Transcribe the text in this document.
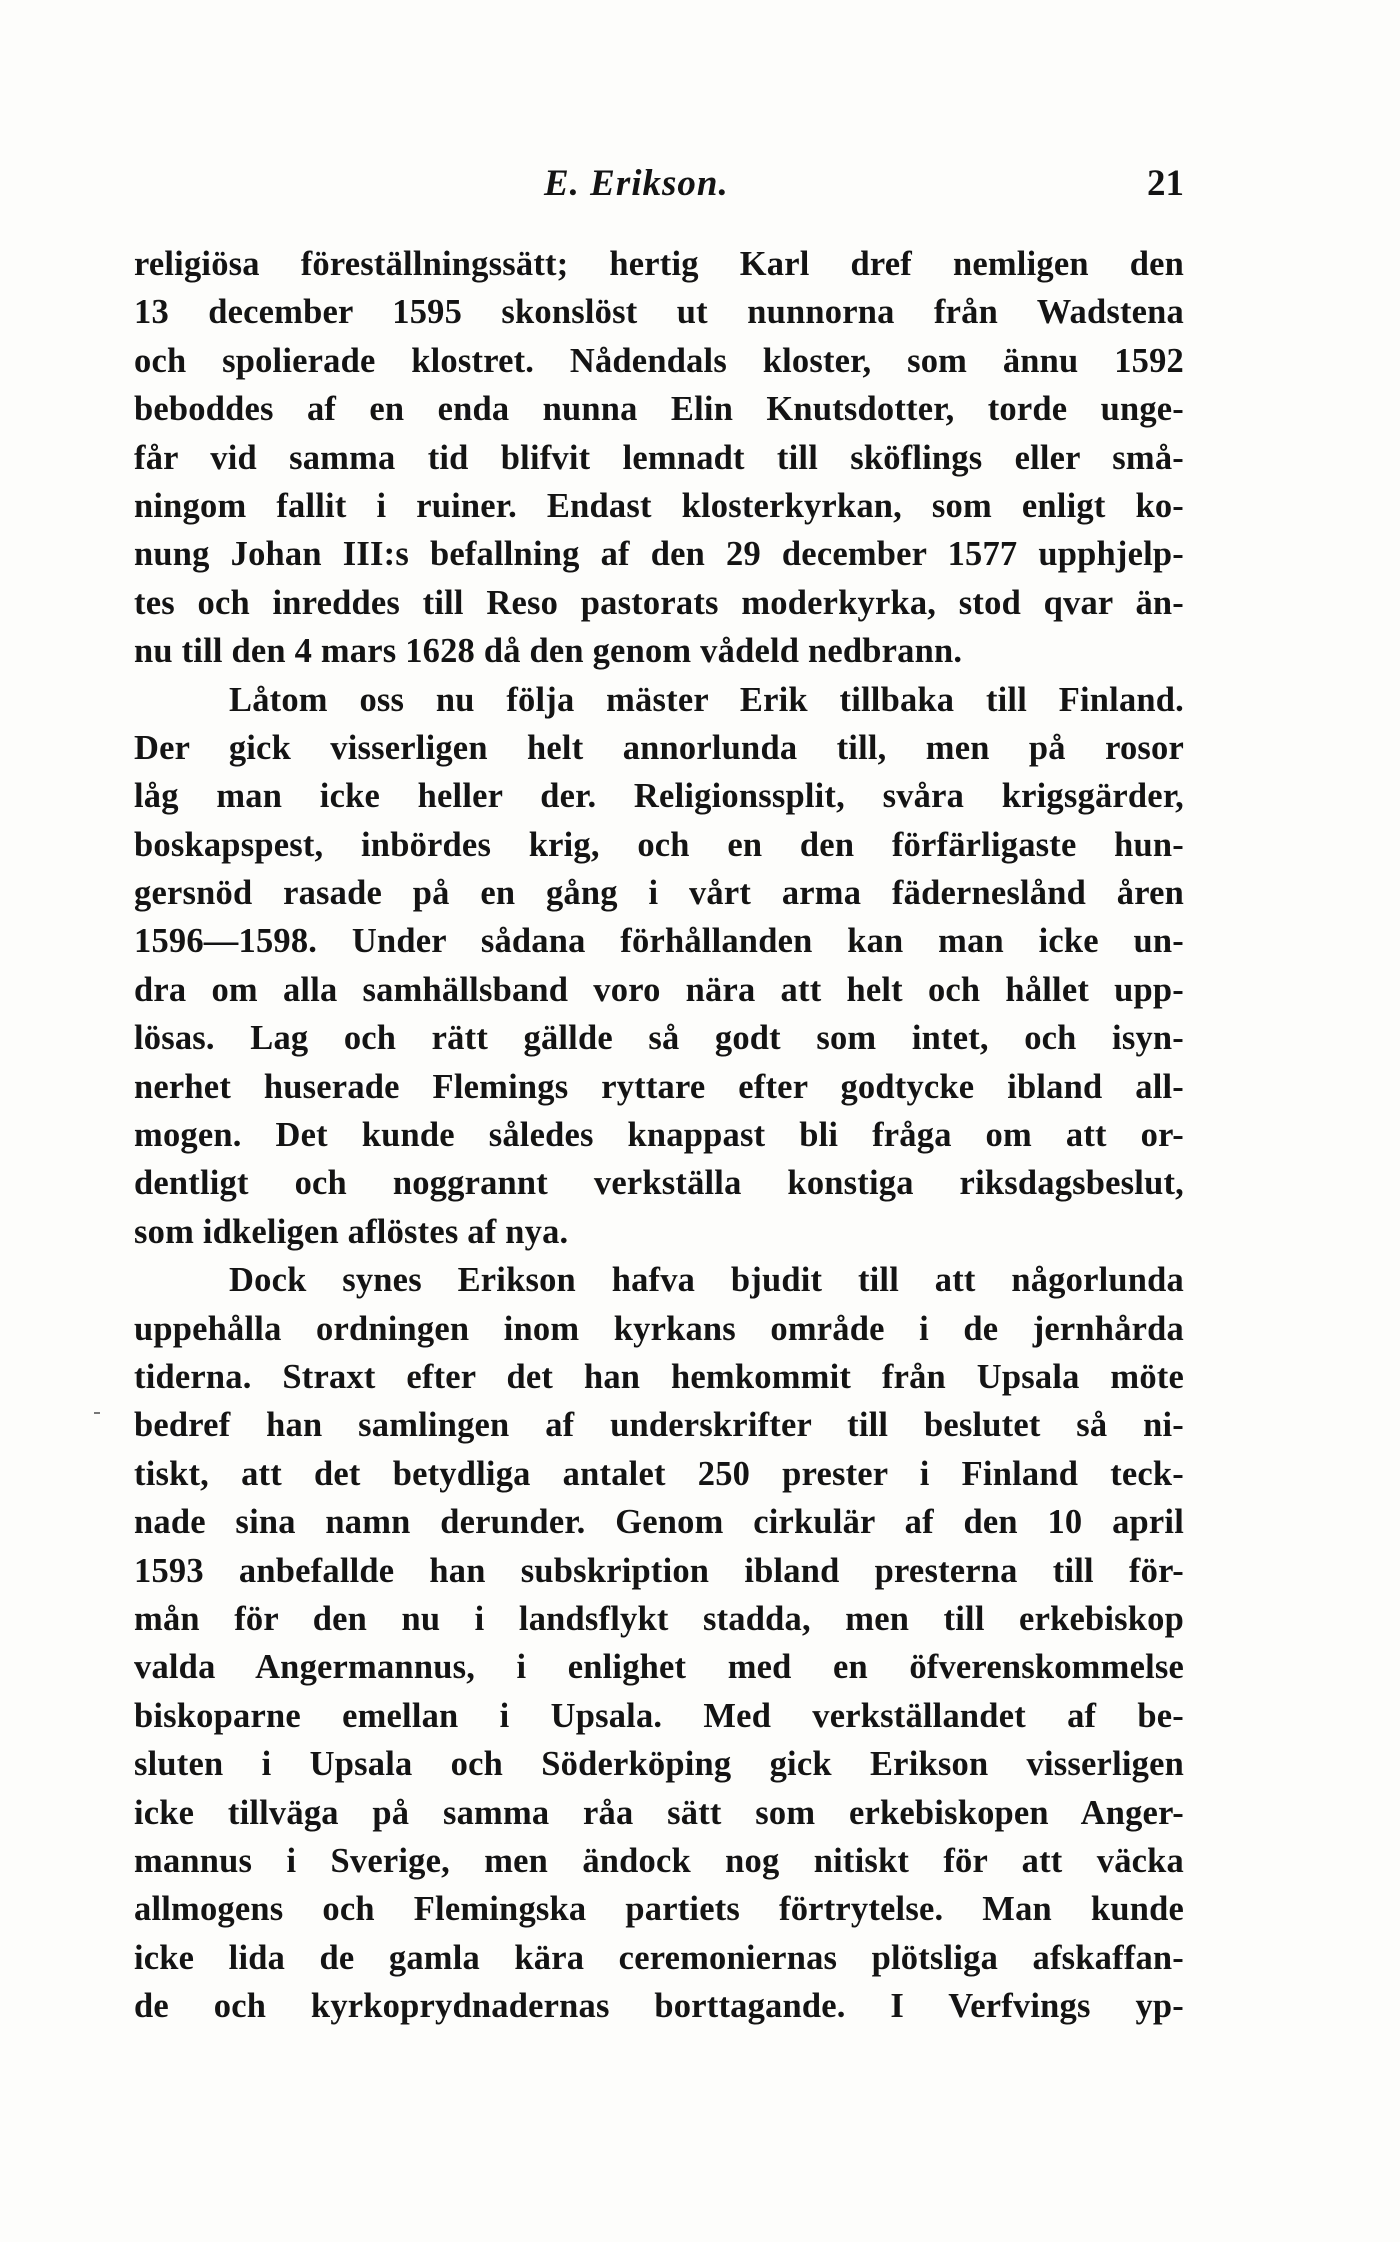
E. Erikson.	21
religiösa föreställningssätt; hertig Karl dref nemligen den
13 december 1595 skonslöst ut nunnorna från Wadstena
och spolierade klostret. Nådendals kloster, som ännu 1592
beboddes af en enda nunna Elin Knutsdotter, torde unge-
får vid samma tid blifvit lemnadt till sköflings eller små-
ningom fallit i ruiner. Endast klosterkyrkan, som enligt ko-
nung Johan III:s befallning af den 29 december 1577 upphjelp-
tes och inreddes till Reso pastorats moderkyrka, stod qvar än-
nu till den 4 mars 1628 då den genom vådeld nedbrann.
Låtom oss nu följa mäster Erik tillbaka till Finland.
Der gick visserligen helt annorlunda till, men på rosor
låg man icke heller der. Religionssplit, svåra krigsgärder,
boskapspest, inbördes krig, och en den förfärligaste hun-
gersnöd rasade på en gång i vårt arma fäderneslånd åren
1596—1598. Under sådana förhållanden kan man icke un-
dra om alla samhällsband voro nära att helt och hållet upp-
lösas. Lag och rätt gällde så godt som intet, och isyn-
nerhet huserade Flemings ryttare efter godtycke ibland all-
mogen. Det kunde således knappast bli fråga om att or-
dentligt och noggrannt verkställa konstiga riksdagsbeslut,
som idkeligen aflöstes af nya.
Dock synes Erikson hafva bjudit till att någorlunda
uppehålla ordningen inom kyrkans område i de jernhårda
tiderna. Straxt efter det han hemkommit från Upsala möte
bedref han samlingen af underskrifter till beslutet så ni-
tiskt, att det betydliga antalet 250 prester i Finland teck-
nade sina namn derunder. Genom cirkulär af den 10 april
1593 anbefallde han subskription ibland presterna till för-
mån för den nu i landsflykt stadda, men till erkebiskop
valda Angermannus, i enlighet med en öfverenskommelse
biskoparne emellan i Upsala. Med verkställandet af be-
sluten i Upsala och Söderköping gick Erikson visserligen
icke tillväga på samma råa sätt som erkebiskopen Anger-
mannus i Sverige, men ändock nog nitiskt för att väcka
allmogens och Flemingska partiets förtrytelse. Man kunde
icke lida de gamla kära ceremoniernas plötsliga afskaffan-
de och kyrkoprydnadernas borttagande. I Verfvings yp-
